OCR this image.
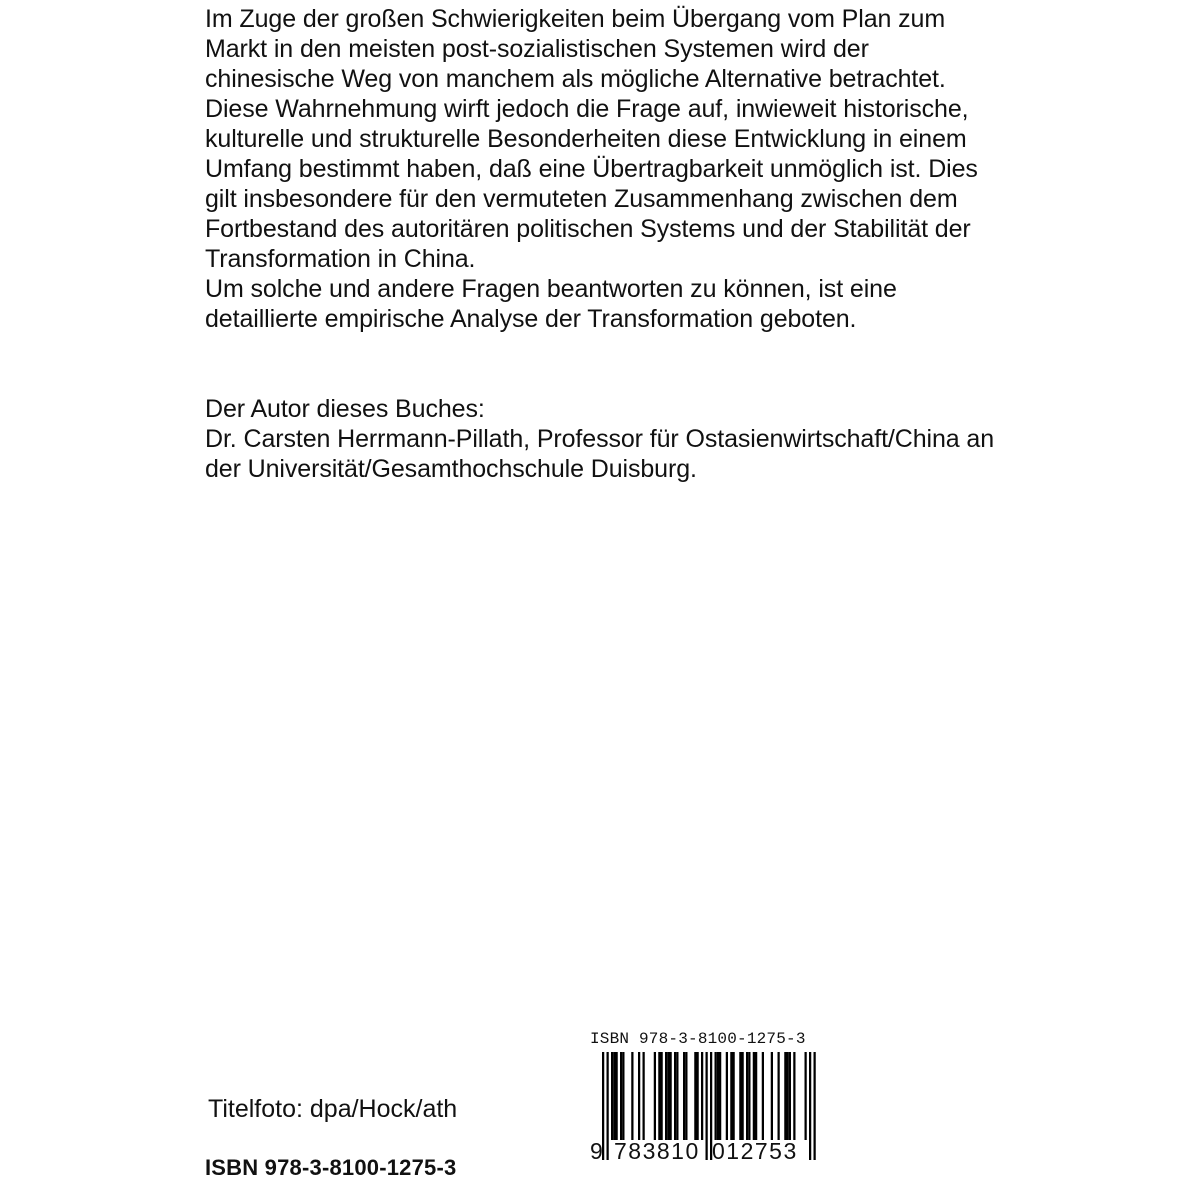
Im Zuge der großen Schwierigkeiten beim Übergang vom Plan zum Markt in den meisten post-sozialistischen Systemen wird der chinesische Weg von manchem als mögliche Alternative betrachtet. Diese Wahrnehmung wirft jedoch die Frage auf, inwieweit historische, kulturelle und strukturelle Besonderheiten diese Entwicklung in einem Umfang bestimmt haben, daß eine Übertragbarkeit unmöglich ist. Dies gilt insbesondere für den vermuteten Zusammenhang zwischen dem Fortbestand des autoritären politischen Systems und der Stabilität der Transformation in China.

Um solche und andere Fragen beantworten zu können, ist eine detaillierte empirische Analyse der Transformation geboten.

Der Autor dieses Buches:

Dr. Carsten Herrmann-Pillath, Professor für Ostasienwirtschaft/China an der Universität/Gesamthochschule Duisburg.

Titelfoto: dpa/Hock/ath
ISBN 978-3-8100-1275-3
ISBN 978-3-8100-1275-3
9 783810 012753
